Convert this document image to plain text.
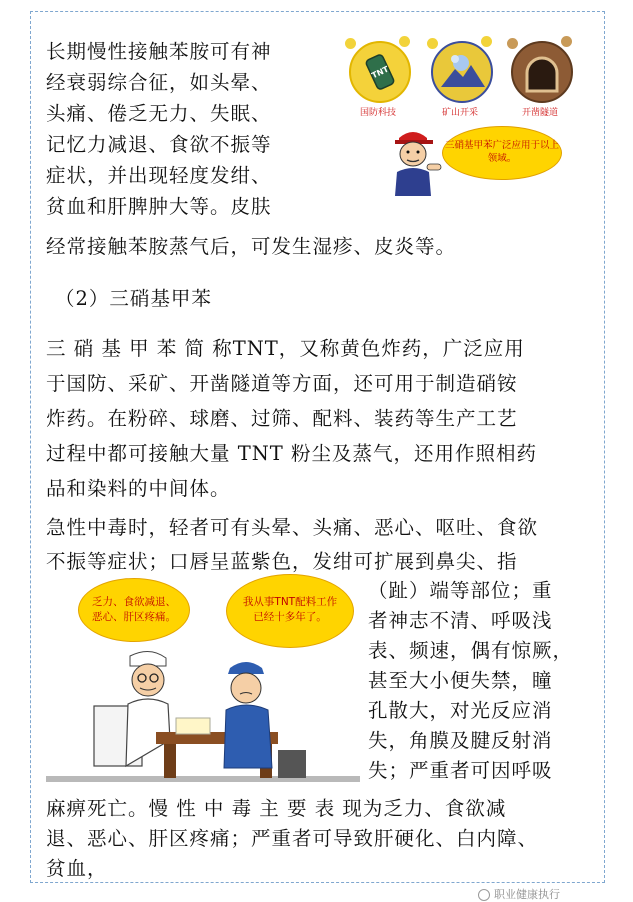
长期慢性接触苯胺可有神
经衰弱综合征，如头晕、
头痛、倦乏无力、失眠、
记忆力减退、食欲不振等
症状，并出现轻度发绀、
贫血和肝脾肿大等。皮肤
经常接触苯胺蒸气后，可发生湿疹、皮炎等。
TNT
国防科技	矿山开采	开凿隧道
三硝基甲苯广泛应用于以上领域。
（2）三硝基甲苯
三 硝 基 甲 苯 简 称TNT，又称黄色炸药，广泛应用
于国防、采矿、开凿隧道等方面，还可用于制造硝铵
炸药。在粉碎、球磨、过筛、配料、装药等生产工艺
过程中都可接触大量 TNT 粉尘及蒸气，还用作照相药
品和染料的中间体。
急性中毒时，轻者可有头晕、头痛、恶心、呕吐、食欲
不振等症状；口唇呈蓝紫色，发绀可扩展到鼻尖、指
乏力、食欲减退、恶心、肝区疼痛。
我从事TNT配料工作已经十多年了。
（趾）端等部位；重
者神志不清、呼吸浅
表、频速，偶有惊厥，
甚至大小便失禁，瞳
孔散大，对光反应消
失，角膜及腱反射消
失；严重者可因呼吸
麻痹死亡。慢 性 中 毒 主 要 表 现为乏力、食欲减
退、恶心、肝区疼痛；严重者可导致肝硬化、白内障、
贫血，
职业健康执行
